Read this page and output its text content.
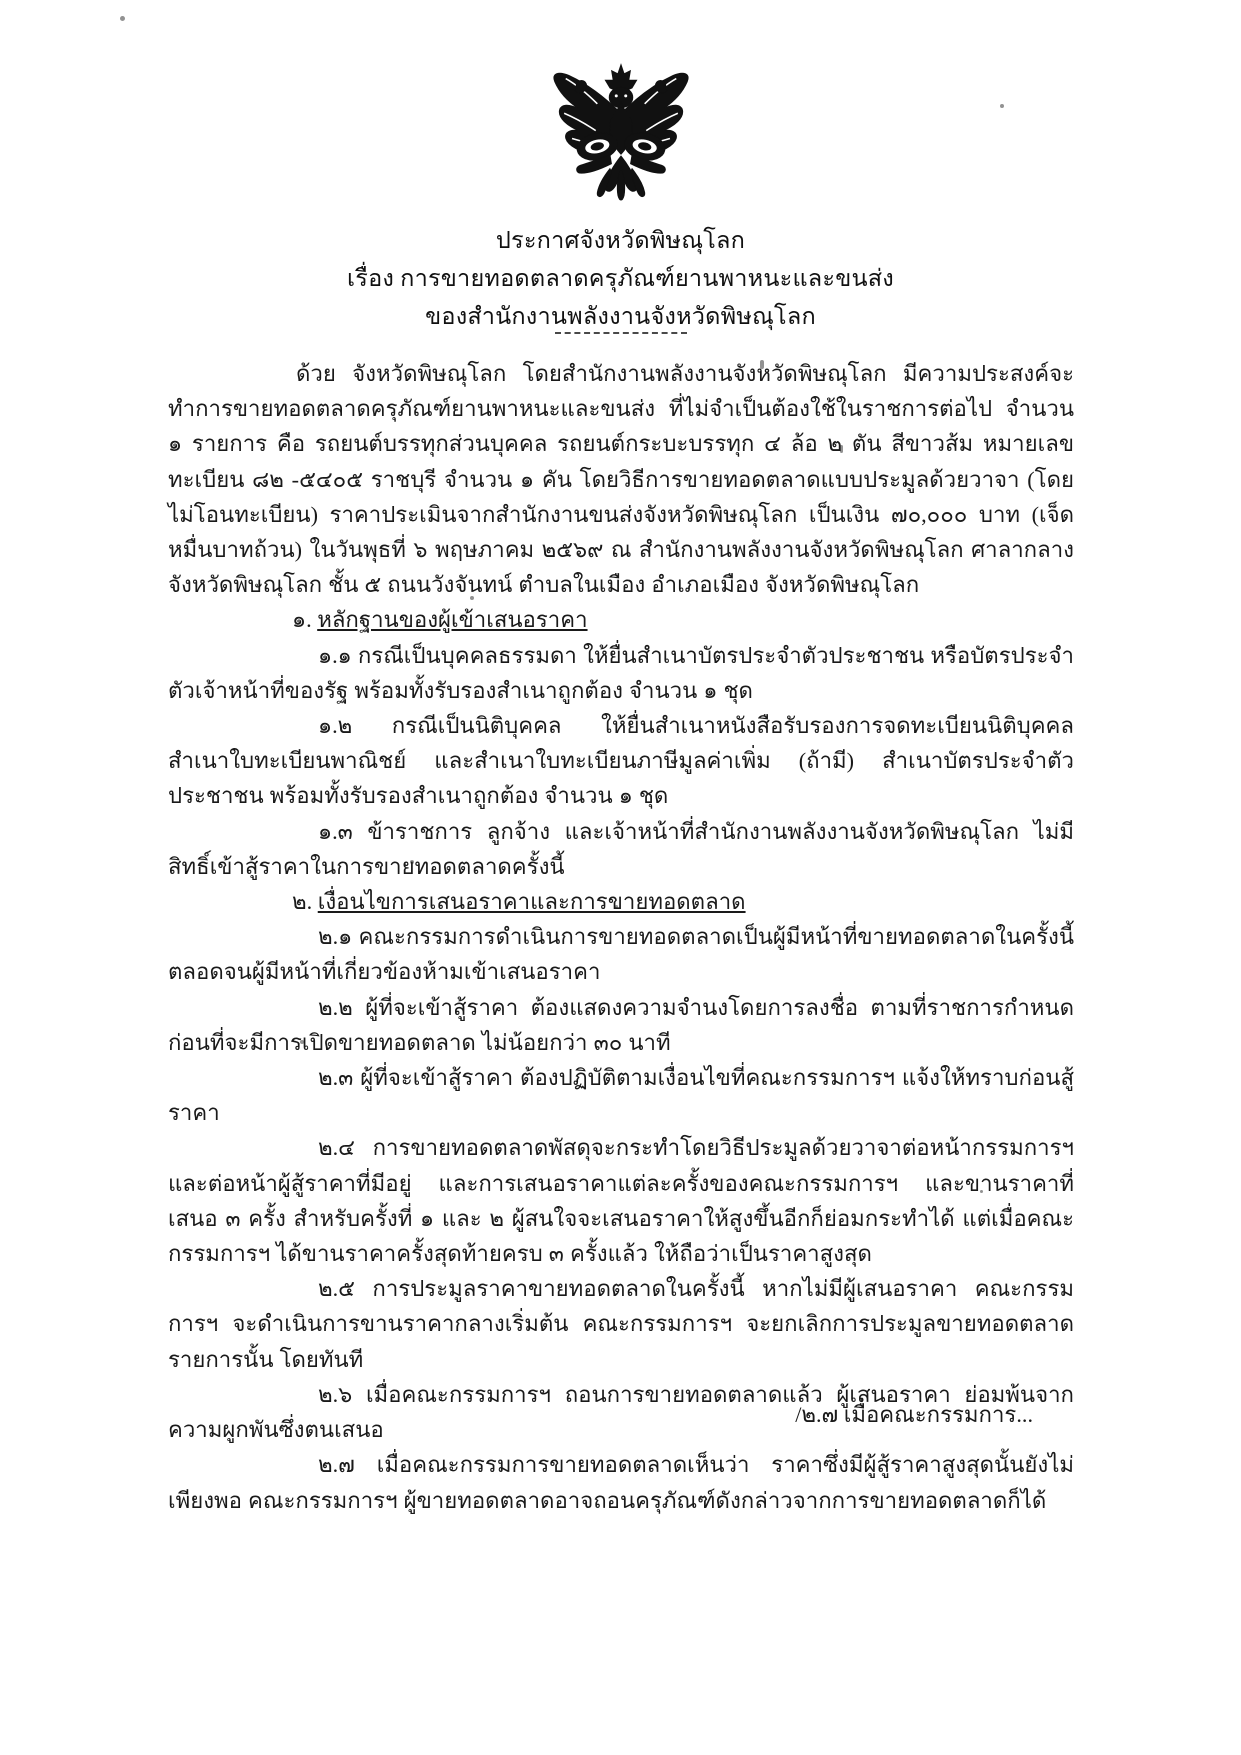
ประกาศจังหวัดพิษณุโลก
เรื่อง การขายทอดตลาดครุภัณฑ์ยานพาหนะและขนส่ง
ของสำนักงานพลังงานจังหวัดพิษณุโลก

ด้วย จังหวัดพิษณุโลก โดยสำนักงานพลังงานจังหวัดพิษณุโลก มีความประสงค์จะทำการขายทอดตลาดครุภัณฑ์ยานพาหนะและขนส่ง ที่ไม่จำเป็นต้องใช้ในราชการต่อไป จำนวน ๑ รายการ คือ รถยนต์บรรทุกส่วนบุคคล รถยนต์กระบะบรรทุก ๔ ล้อ ๒ ตัน สีขาวส้ม หมายเลขทะเบียน ๘๒ -๕๔๐๕ ราชบุรี จำนวน ๑ คัน โดยวิธีการขายทอดตลาดแบบประมูลด้วยวาจา (โดยไม่โอนทะเบียน) ราคาประเมินจากสำนักงานขนส่งจังหวัดพิษณุโลก เป็นเงิน ๗๐,๐๐๐ บาท (เจ็ดหมื่นบาทถ้วน) ในวันพุธที่ ๖ พฤษภาคม ๒๕๖๙ ณ สำนักงานพลังงานจังหวัดพิษณุโลก ศาลากลางจังหวัดพิษณุโลก ชั้น ๕ ถนนวังจันทน์ ตำบลในเมือง อำเภอเมือง จังหวัดพิษณุโลก

๑. หลักฐานของผู้เข้าเสนอราคา

๑.๑ กรณีเป็นบุคคลธรรมดา ให้ยื่นสำเนาบัตรประจำตัวประชาชน หรือบัตรประจำตัวเจ้าหน้าที่ของรัฐ พร้อมทั้งรับรองสำเนาถูกต้อง จำนวน ๑ ชุด

๑.๒ กรณีเป็นนิติบุคคล ให้ยื่นสำเนาหนังสือรับรองการจดทะเบียนนิติบุคคล สำเนาใบทะเบียนพาณิชย์ และสำเนาใบทะเบียนภาษีมูลค่าเพิ่ม (ถ้ามี) สำเนาบัตรประจำตัวประชาชน พร้อมทั้งรับรองสำเนาถูกต้อง จำนวน ๑ ชุด

๑.๓ ข้าราชการ ลูกจ้าง และเจ้าหน้าที่สำนักงานพลังงานจังหวัดพิษณุโลก ไม่มีสิทธิ์เข้าสู้ราคาในการขายทอดตลาดครั้งนี้

๒. เงื่อนไขการเสนอราคาและการขายทอดตลาด

๒.๑ คณะกรรมการดำเนินการขายทอดตลาดเป็นผู้มีหน้าที่ขายทอดตลาดในครั้งนี้ ตลอดจนผู้มีหน้าที่เกี่ยวข้องห้ามเข้าเสนอราคา

๒.๒ ผู้ที่จะเข้าสู้ราคา ต้องแสดงความจำนงโดยการลงชื่อ ตามที่ราชการกำหนดก่อนที่จะมีการเปิดขายทอดตลาด ไม่น้อยกว่า ๓๐ นาที

๒.๓ ผู้ที่จะเข้าสู้ราคา ต้องปฏิบัติตามเงื่อนไขที่คณะกรรมการฯ แจ้งให้ทราบก่อนสู้ราคา

๒.๔ การขายทอดตลาดพัสดุจะกระทำโดยวิธีประมูลด้วยวาจาต่อหน้ากรรมการฯ และต่อหน้าผู้สู้ราคาที่มีอยู่ และการเสนอราคาแต่ละครั้งของคณะกรรมการฯ และขานราคาที่เสนอ ๓ ครั้ง สำหรับครั้งที่ ๑ และ ๒ ผู้สนใจจะเสนอราคาให้สูงขึ้นอีกก็ย่อมกระทำได้ แต่เมื่อคณะกรรมการฯ ได้ขานราคาครั้งสุดท้ายครบ ๓ ครั้งแล้ว ให้ถือว่าเป็นราคาสูงสุด

๒.๕ การประมูลราคาขายทอดตลาดในครั้งนี้ หากไม่มีผู้เสนอราคา คณะกรรมการฯ จะดำเนินการขานราคากลางเริ่มต้น คณะกรรมการฯ จะยกเลิกการประมูลขายทอดตลาดรายการนั้น โดยทันที

๒.๖ เมื่อคณะกรรมการฯ ถอนการขายทอดตลาดแล้ว ผู้เสนอราคา ย่อมพ้นจากความผูกพันซึ่งตนเสนอ

๒.๗ เมื่อคณะกรรมการขายทอดตลาดเห็นว่า ราคาซึ่งมีผู้สู้ราคาสูงสุดนั้นยังไม่เพียงพอ คณะกรรมการฯ ผู้ขายทอดตลาดอาจถอนครุภัณฑ์ดังกล่าวจากการขายทอดตลาดก็ได้

/๒.๗ เมื่อคณะกรรมการ...
